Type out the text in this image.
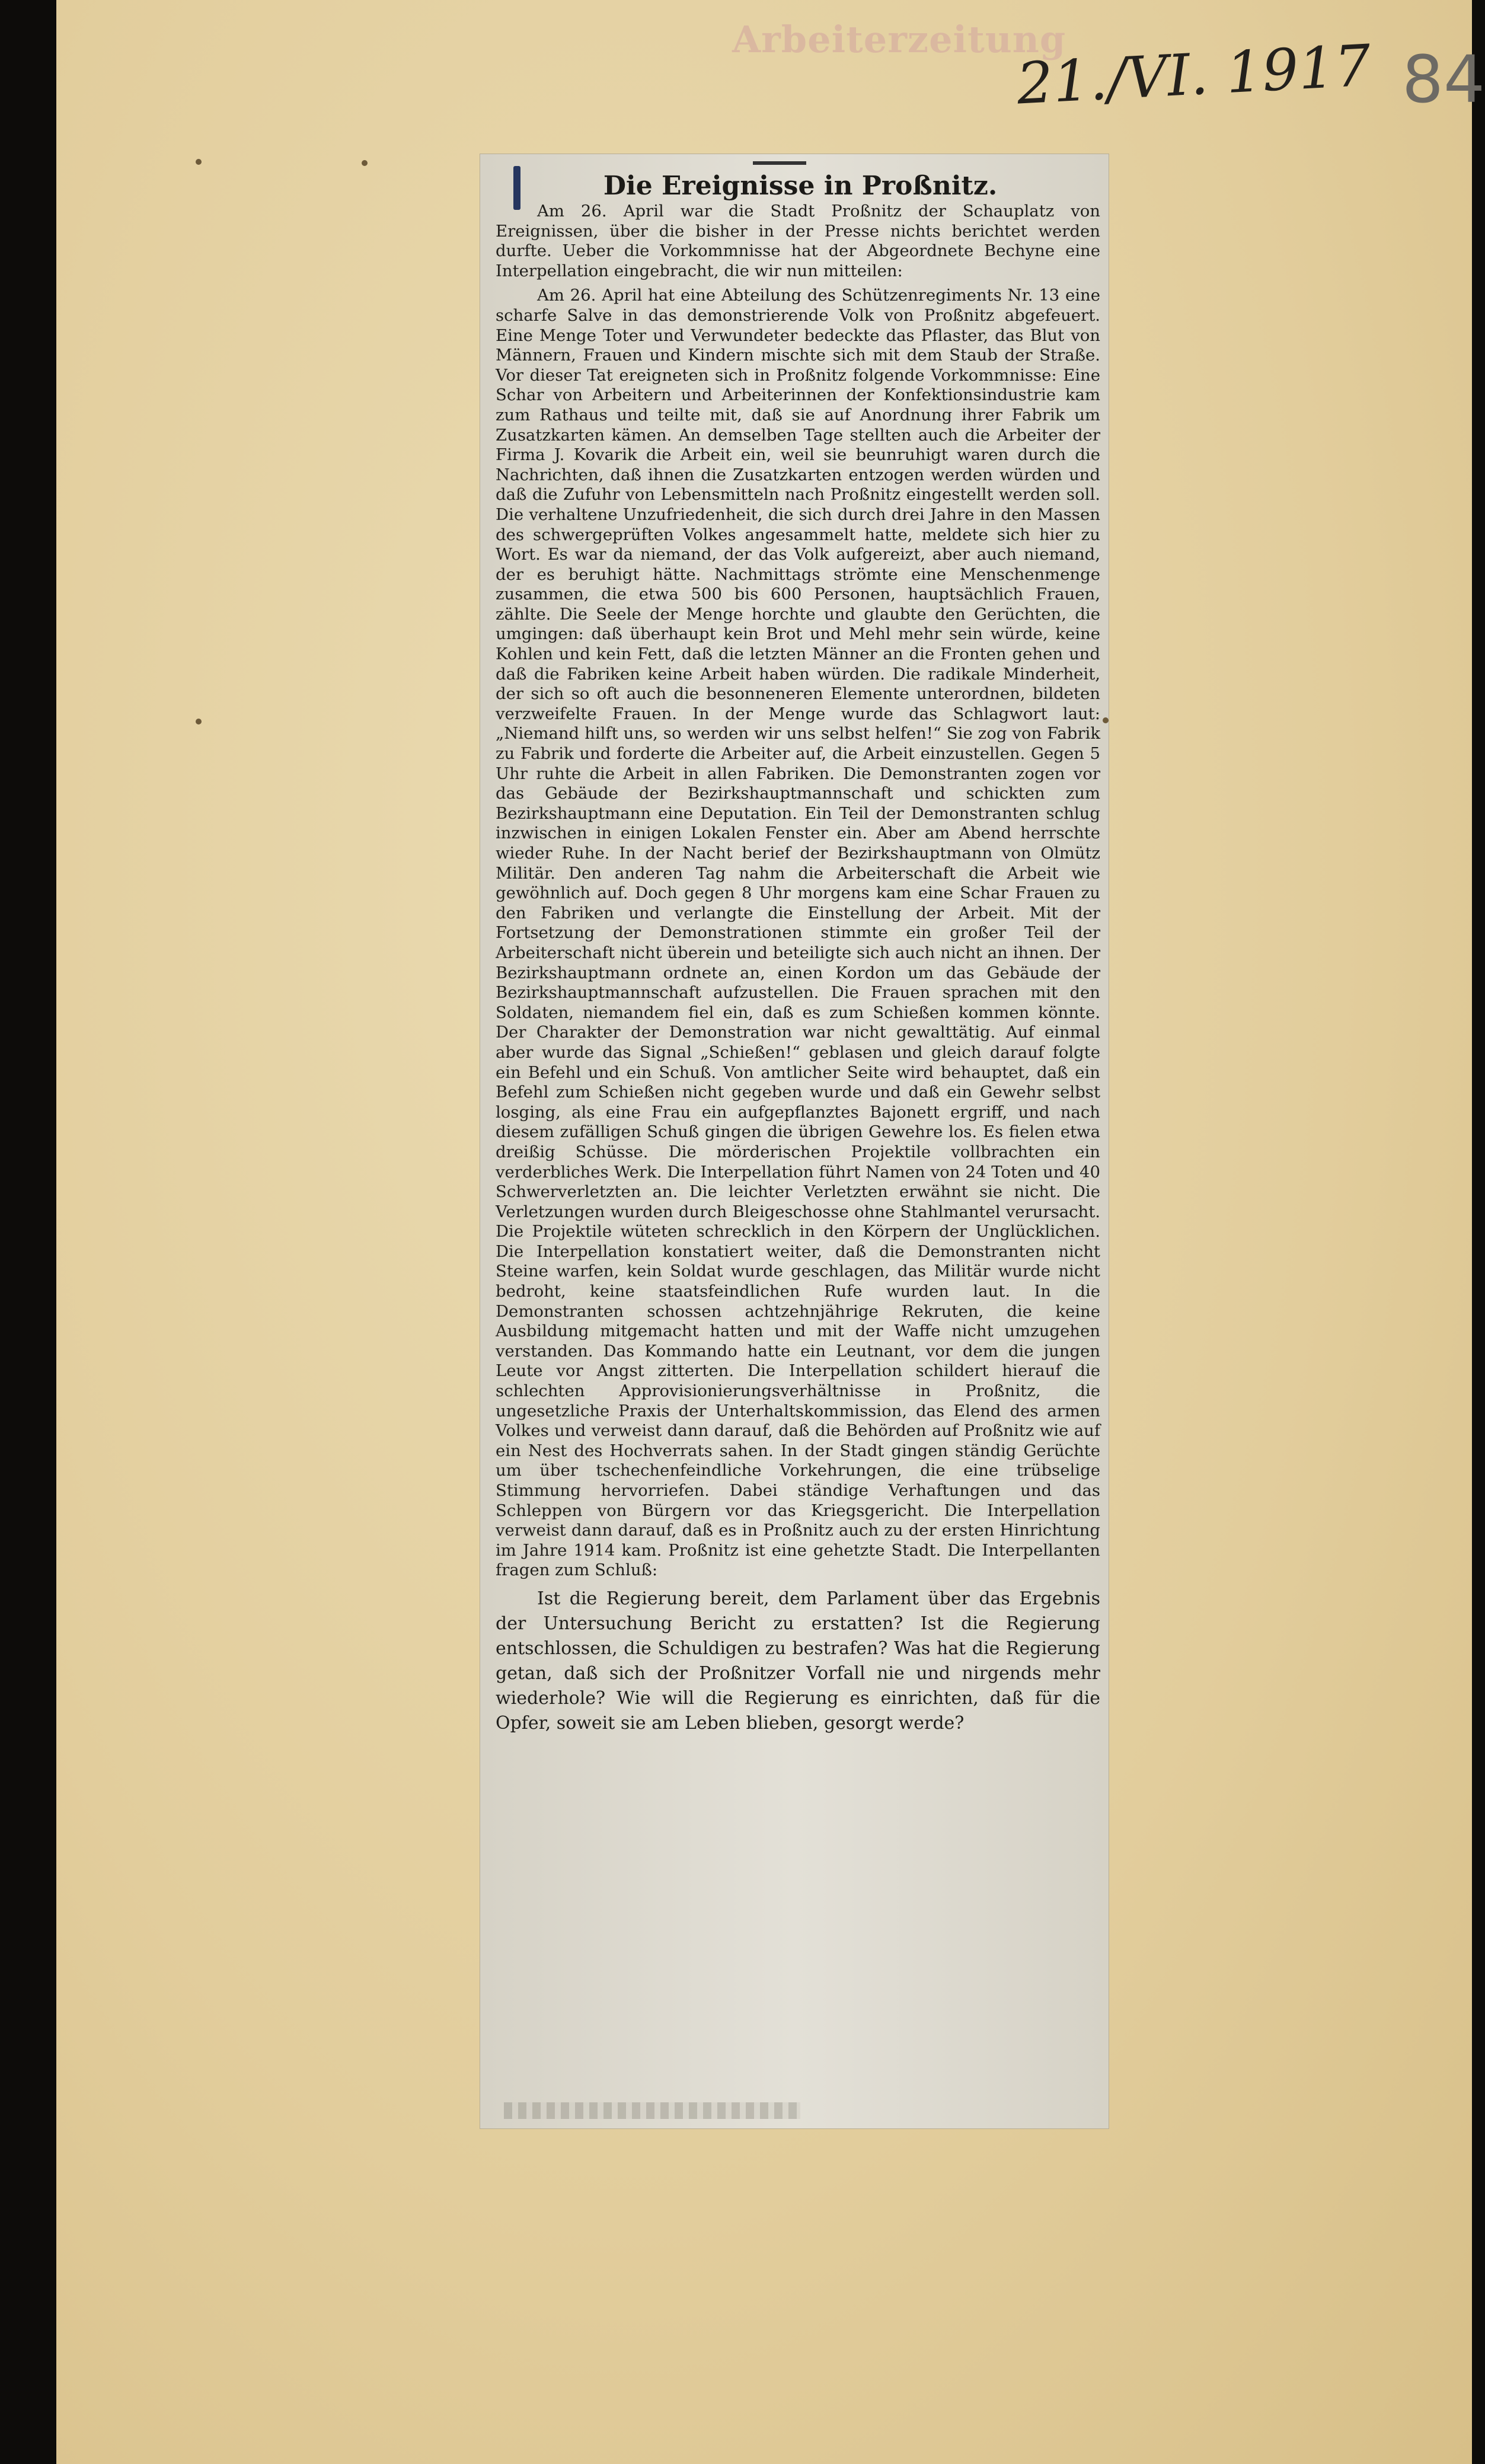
Arbeiterzeitung
21./VI. 1917 84
Die Ereignisse in Proßnitz.

Am 26. April war die Stadt Proßnitz der Schauplatz von Ereignissen, über die bisher in der Presse nichts berichtet werden durfte. Ueber die Vorkommnisse hat der Abgeordnete Bechyne eine Interpellation eingebracht, die wir nun mitteilen:

Am 26. April hat eine Abteilung des Schützenregiments Nr. 13 eine scharfe Salve in das demonstrierende Volk von Proßnitz abgefeuert. Eine Menge Toter und Verwundeter bedeckte das Pflaster, das Blut von Männern, Frauen und Kindern mischte sich mit dem Staub der Straße. Vor dieser Tat ereigneten sich in Proßnitz folgende Vorkommnisse: Eine Schar von Arbeitern und Arbeiterinnen der Konfektionsindustrie kam zum Rathaus und teilte mit, daß sie auf Anordnung ihrer Fabrik um Zusatzkarten kämen. An demselben Tage stellten auch die Arbeiter der Firma J. Kovarik die Arbeit ein, weil sie beunruhigt waren durch die Nachrichten, daß ihnen die Zusatzkarten entzogen werden würden und daß die Zufuhr von Lebensmitteln nach Proßnitz eingestellt werden soll. Die verhaltene Unzufriedenheit, die sich durch drei Jahre in den Massen des schwergeprüften Volkes angesammelt hatte, meldete sich hier zu Wort. Es war da niemand, der das Volk aufgereizt, aber auch niemand, der es beruhigt hätte. Nachmittags strömte eine Menschenmenge zusammen, die etwa 500 bis 600 Personen, hauptsächlich Frauen, zählte. Die Seele der Menge horchte und glaubte den Gerüchten, die umgingen: daß überhaupt kein Brot und Mehl mehr sein würde, keine Kohlen und kein Fett, daß die letzten Männer an die Fronten gehen und daß die Fabriken keine Arbeit haben würden. Die radikale Minderheit, der sich so oft auch die besonneneren Elemente unterordnen, bildeten verzweifelte Frauen. In der Menge wurde das Schlagwort laut: „Niemand hilft uns, so werden wir uns selbst helfen!“ Sie zog von Fabrik zu Fabrik und forderte die Arbeiter auf, die Arbeit einzustellen. Gegen 5 Uhr ruhte die Arbeit in allen Fabriken. Die Demonstranten zogen vor das Gebäude der Bezirkshauptmannschaft und schickten zum Bezirkshauptmann eine Deputation. Ein Teil der Demonstranten schlug inzwischen in einigen Lokalen Fenster ein. Aber am Abend herrschte wieder Ruhe. In der Nacht berief der Bezirkshauptmann von Olmütz Militär. Den anderen Tag nahm die Arbeiterschaft die Arbeit wie gewöhnlich auf. Doch gegen 8 Uhr morgens kam eine Schar Frauen zu den Fabriken und verlangte die Einstellung der Arbeit. Mit der Fortsetzung der Demonstrationen stimmte ein großer Teil der Arbeiterschaft nicht überein und beteiligte sich auch nicht an ihnen. Der Bezirkshauptmann ordnete an, einen Kordon um das Gebäude der Bezirkshauptmannschaft aufzustellen. Die Frauen sprachen mit den Soldaten, niemandem fiel ein, daß es zum Schießen kommen könnte. Der Charakter der Demonstration war nicht gewalttätig. Auf einmal aber wurde das Signal „Schießen!“ geblasen und gleich darauf folgte ein Befehl und ein Schuß. Von amtlicher Seite wird behauptet, daß ein Befehl zum Schießen nicht gegeben wurde und daß ein Gewehr selbst losging, als eine Frau ein aufgepflanztes Bajonett ergriff, und nach diesem zufälligen Schuß gingen die übrigen Gewehre los. Es fielen etwa dreißig Schüsse. Die mörderischen Projektile vollbrachten ein verderbliches Werk. Die Interpellation führt Namen von 24 Toten und 40 Schwerverletzten an. Die leichter Verletzten erwähnt sie nicht. Die Verletzungen wurden durch Bleigeschosse ohne Stahlmantel verursacht. Die Projektile wüteten schrecklich in den Körpern der Unglücklichen. Die Interpellation konstatiert weiter, daß die Demonstranten nicht Steine warfen, kein Soldat wurde geschlagen, das Militär wurde nicht bedroht, keine staatsfeindlichen Rufe wurden laut. In die Demonstranten schossen achtzehnjährige Rekruten, die keine Ausbildung mitgemacht hatten und mit der Waffe nicht umzugehen verstanden. Das Kommando hatte ein Leutnant, vor dem die jungen Leute vor Angst zitterten. Die Interpellation schildert hierauf die schlechten Approvisionierungsverhältnisse in Proßnitz, die ungesetzliche Praxis der Unterhaltskommission, das Elend des armen Volkes und verweist dann darauf, daß die Behörden auf Proßnitz wie auf ein Nest des Hochverrats sahen. In der Stadt gingen ständig Gerüchte um über tschechenfeindliche Vorkehrungen, die eine trübselige Stimmung hervorriefen. Dabei ständige Verhaftungen und das Schleppen von Bürgern vor das Kriegsgericht. Die Interpellation verweist dann darauf, daß es in Proßnitz auch zu der ersten Hinrichtung im Jahre 1914 kam. Proßnitz ist eine gehetzte Stadt. Die Interpellanten fragen zum Schluß:

Ist die Regierung bereit, dem Parlament über das Ergebnis der Untersuchung Bericht zu erstatten? Ist die Regierung entschlossen, die Schuldigen zu bestrafen? Was hat die Regierung getan, daß sich der Proßnitzer Vorfall nie und nirgends mehr wiederhole? Wie will die Regierung es einrichten, daß für die Opfer, soweit sie am Leben blieben, gesorgt werde?
